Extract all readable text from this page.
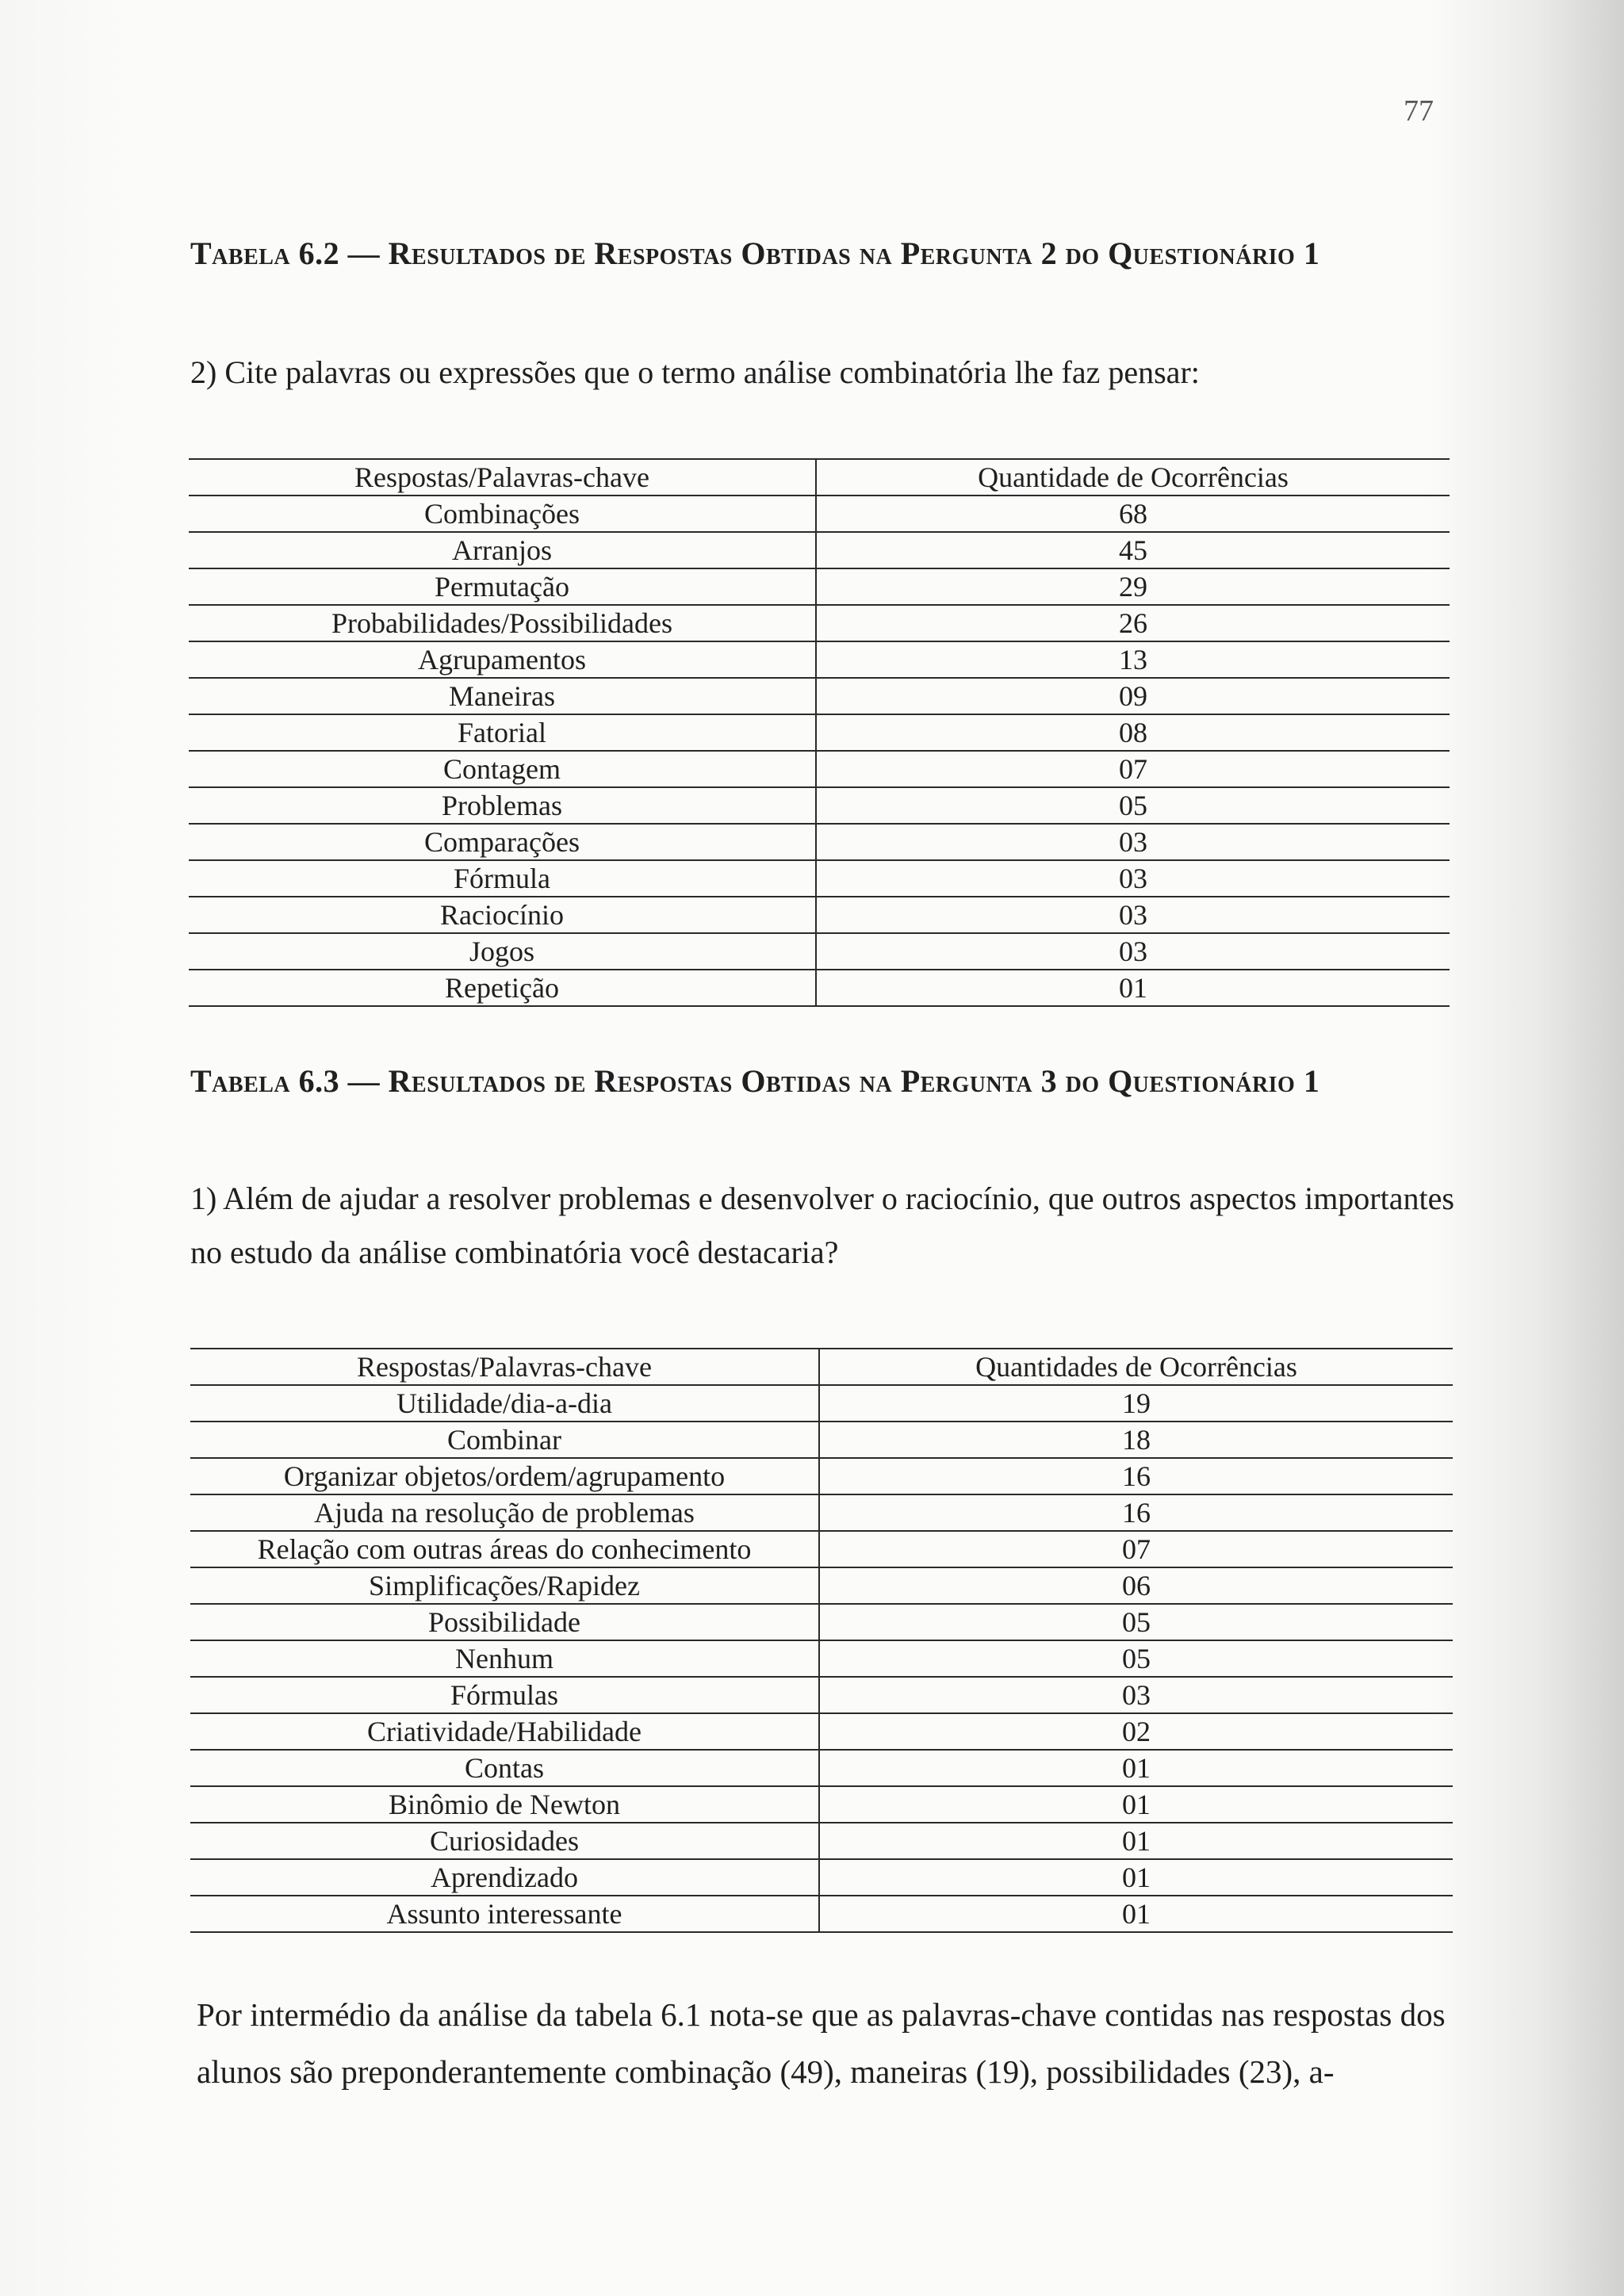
77
Tabela 6.2 — Resultados de Respostas Obtidas na Pergunta 2 do Questionário 1
2) Cite palavras ou expressões que o termo análise combinatória lhe faz pensar:
Respostas/Palavras-chave	Quantidade de Ocorrências
Combinações	68
Arranjos	45
Permutação	29
Probabilidades/Possibilidades	26
Agrupamentos	13
Maneiras	09
Fatorial	08
Contagem	07
Problemas	05
Comparações	03
Fórmula	03
Raciocínio	03
Jogos	03
Repetição	01
Tabela 6.3 — Resultados de Respostas Obtidas na Pergunta 3 do Questionário 1
1) Além de ajudar a resolver problemas e desenvolver o raciocínio, que outros aspectos importantes no estudo da análise combinatória você destacaria?
Respostas/Palavras-chave	Quantidades de Ocorrências
Utilidade/dia-a-dia	19
Combinar	18
Organizar objetos/ordem/agrupamento	16
Ajuda na resolução de problemas	16
Relação com outras áreas do conhecimento	07
Simplificações/Rapidez	06
Possibilidade	05
Nenhum	05
Fórmulas	03
Criatividade/Habilidade	02
Contas	01
Binômio de Newton	01
Curiosidades	01
Aprendizado	01
Assunto interessante	01
Por intermédio da análise da tabela 6.1 nota-se que as palavras-chave contidas nas respostas dos alunos são preponderantemente combinação (49), maneiras (19), possibilidades (23), a-
